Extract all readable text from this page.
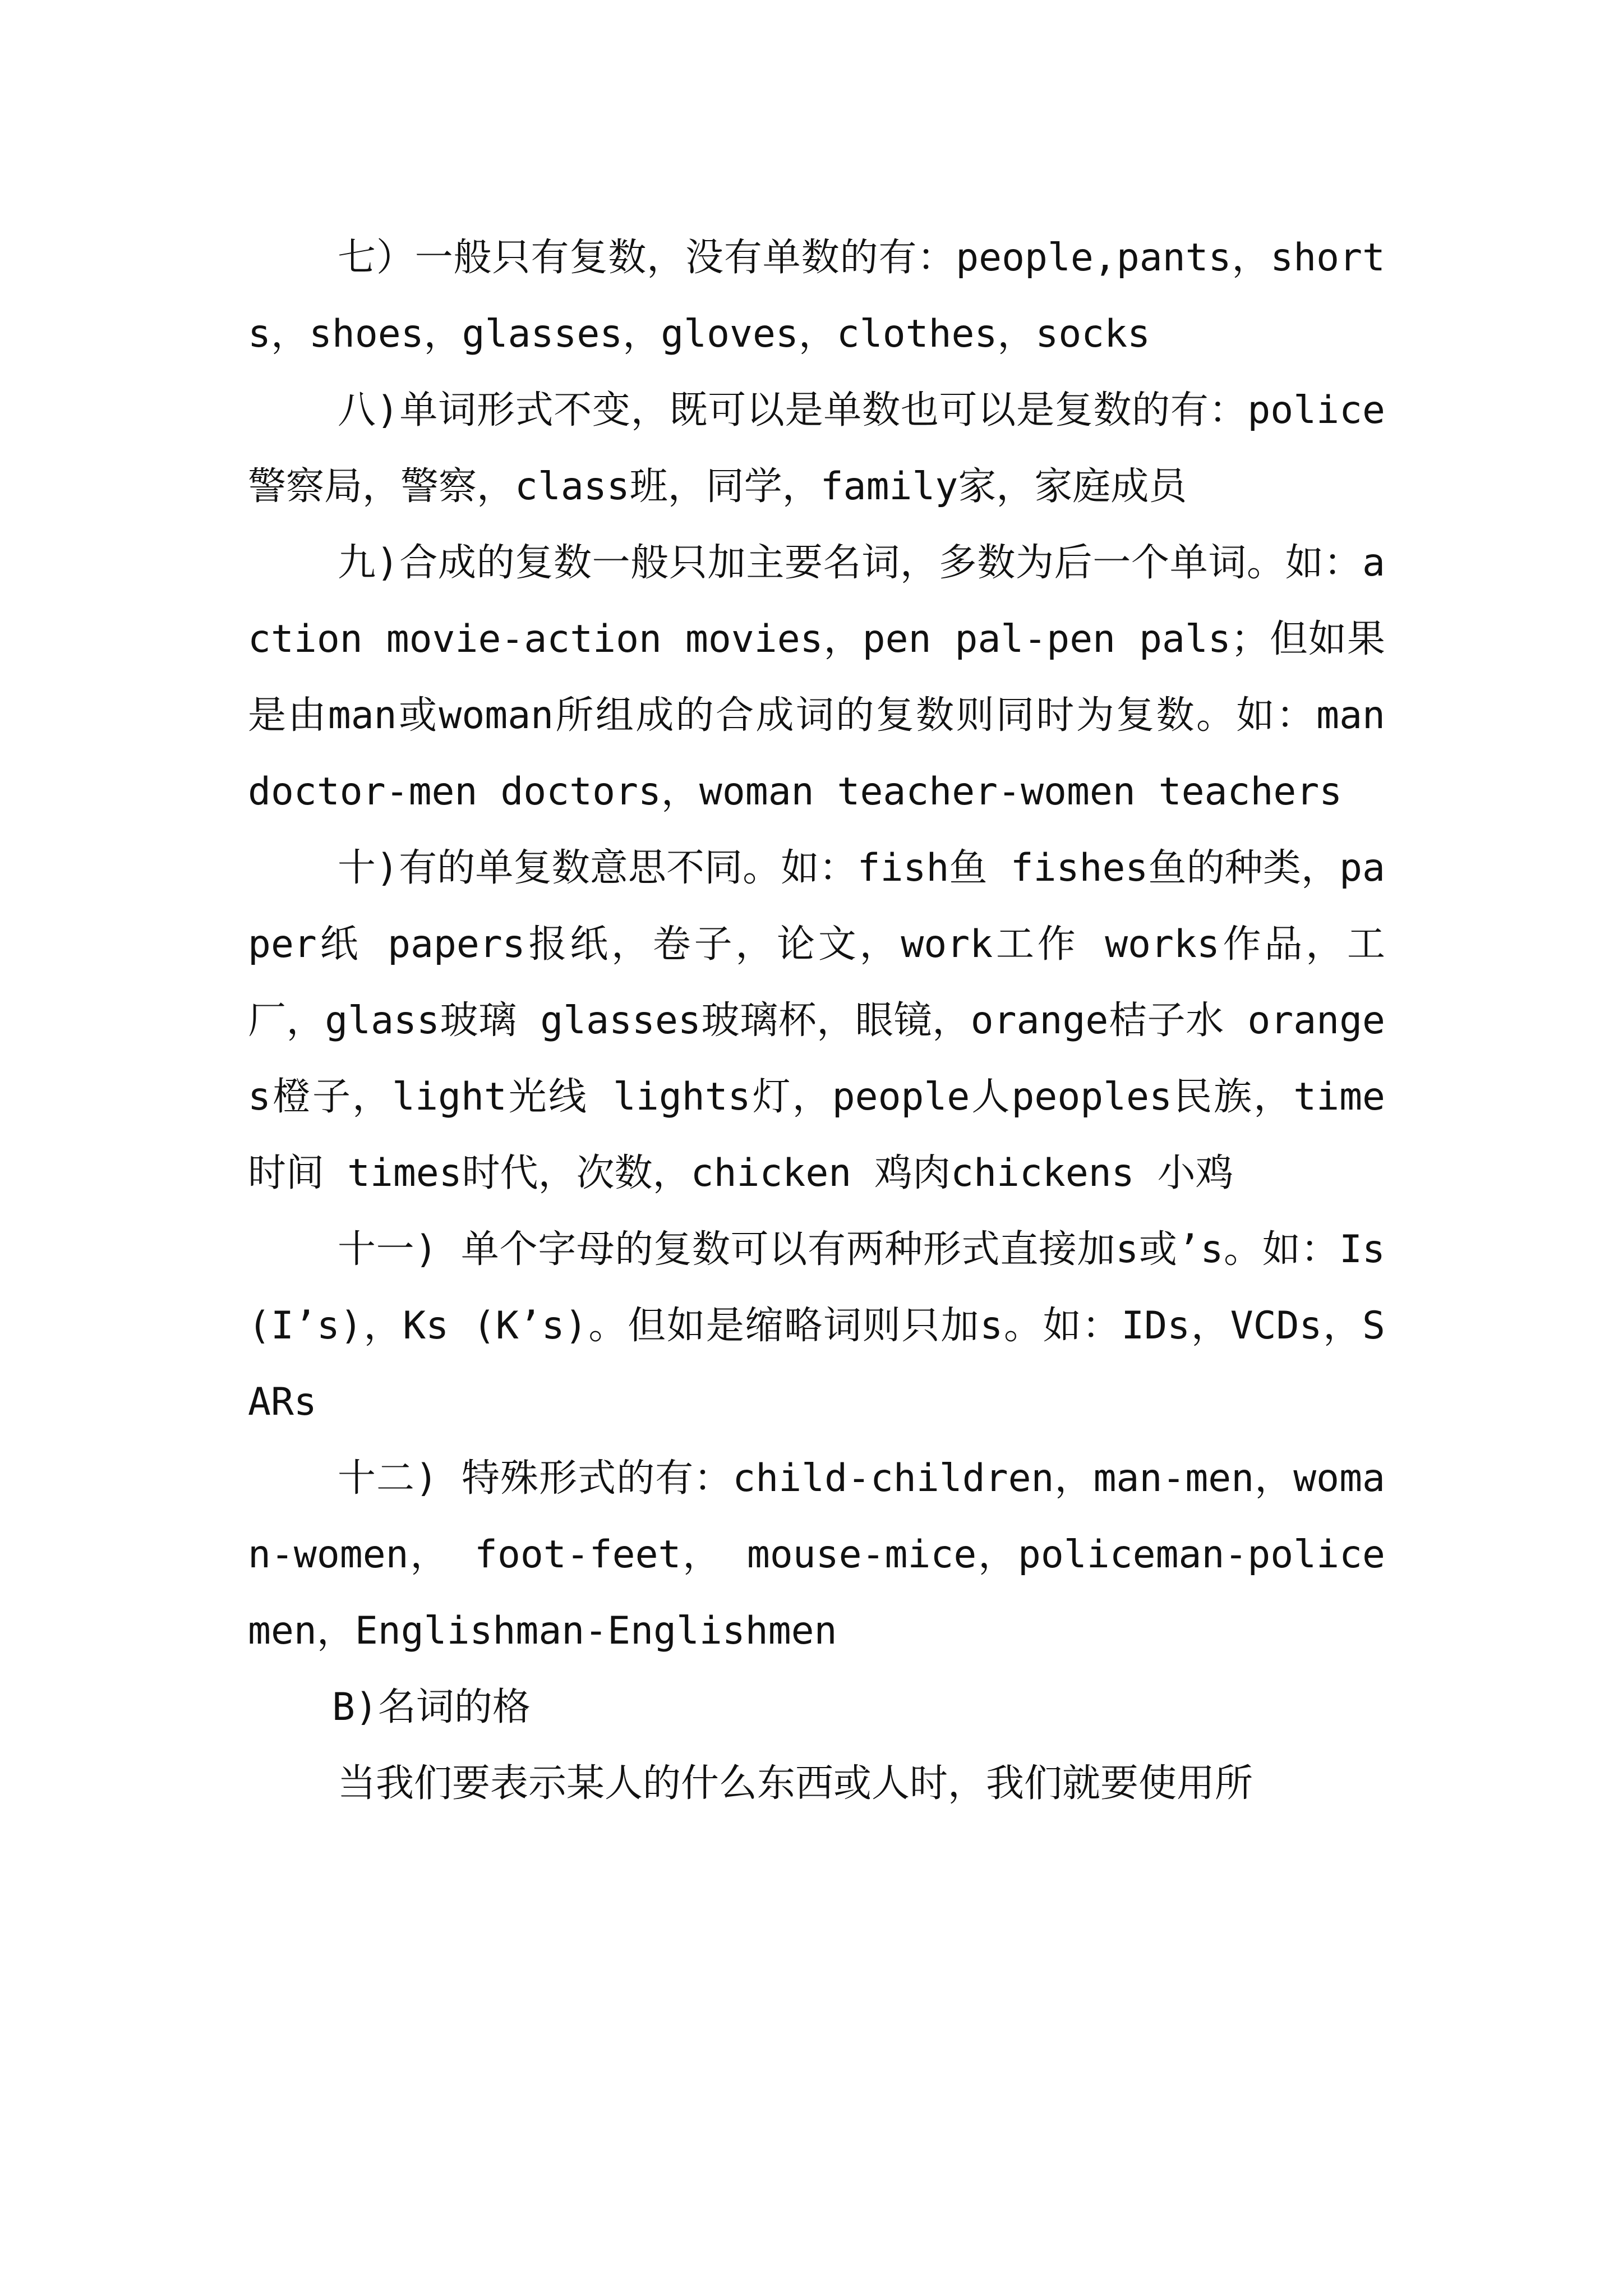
七）一般只有复数，没有单数的有：people,pants，shorts，shoes，glasses，gloves，clothes，socks

八)单词形式不变，既可以是单数也可以是复数的有：police警察局，警察，class班，同学，family家，家庭成员

九)合成的复数一般只加主要名词，多数为后一个单词。如：action movie-action movies，pen pal-pen pals；但如果是由man或woman所组成的合成词的复数则同时为复数。如：man doctor-men doctors，woman teacher-women teachers

十)有的单复数意思不同。如：fish鱼 fishes鱼的种类，paper纸 papers报纸，卷子，论文，work工作 works作品，工厂，glass玻璃 glasses玻璃杯，眼镜，orange桔子水 oranges橙子，light光线 lights灯，people人peoples民族，time时间 times时代，次数，chicken 鸡肉chickens 小鸡

十一) 单个字母的复数可以有两种形式直接加s或’s。如：Is (I’s)，Ks (K’s)。但如是缩略词则只加s。如：IDs，VCDs，SARs

十二) 特殊形式的有：child-children，man-men，woman-women， foot-feet， mouse-mice，policeman-policemen，Englishman-Englishmen

B)名词的格

当我们要表示某人的什么东西或人时，我们就要使用所
